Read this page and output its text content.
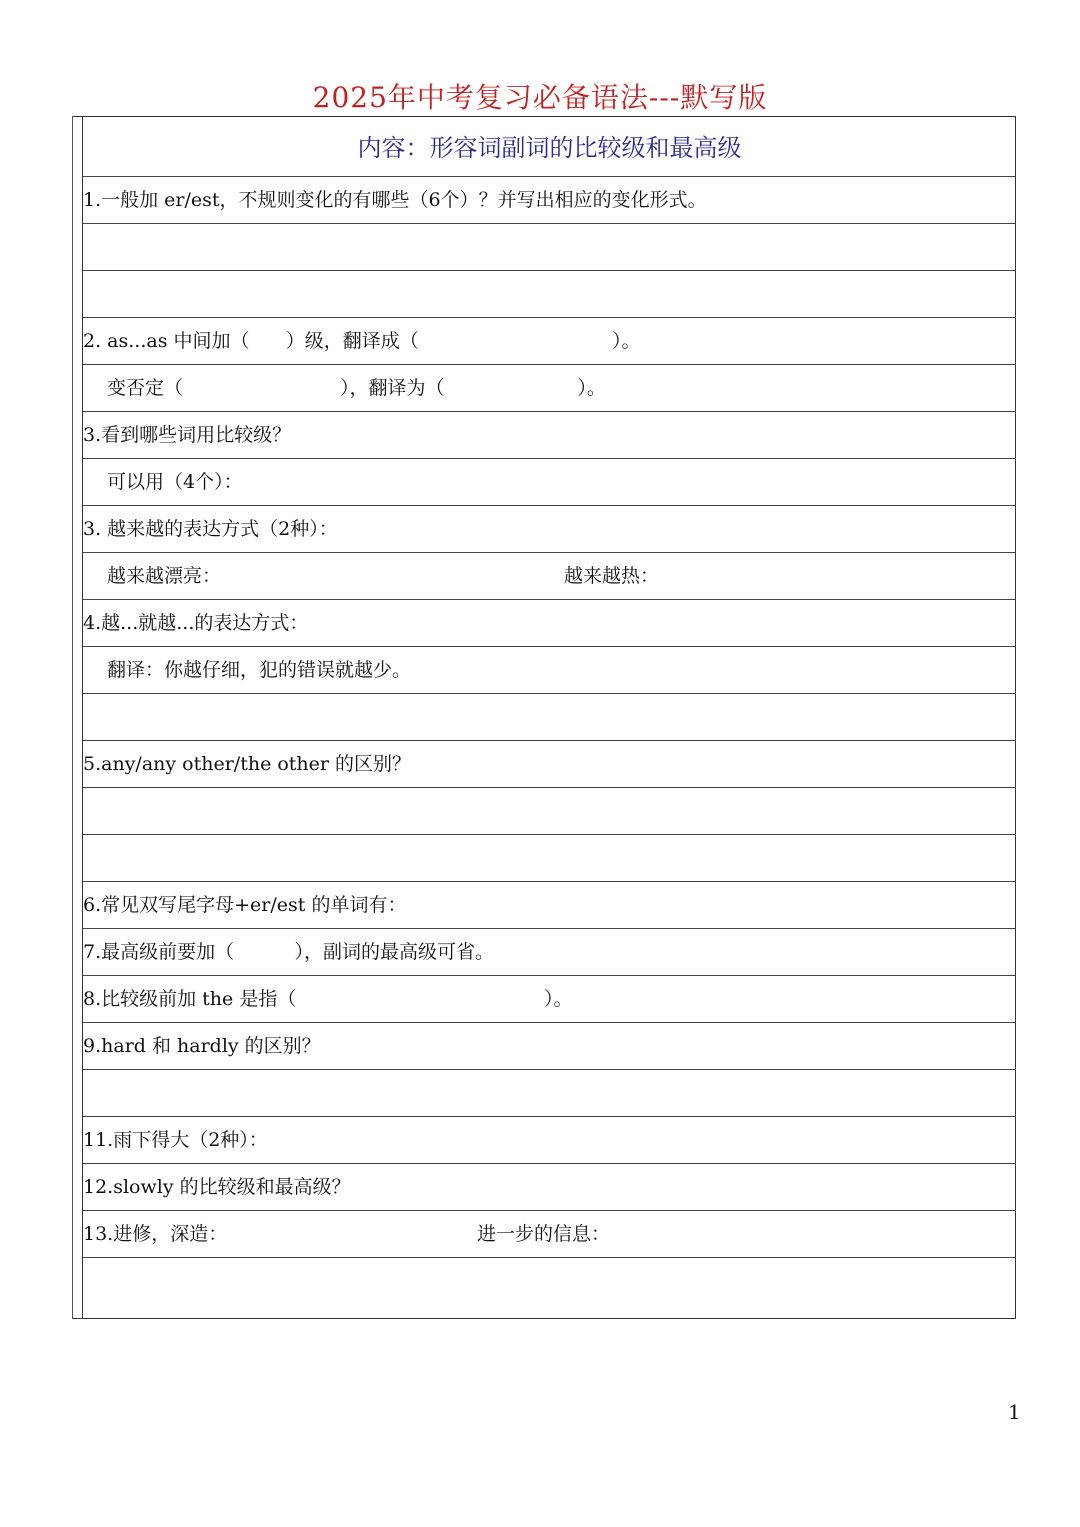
2025年中考复习必备语法---默写版
内容：形容词副词的比较级和最高级
1.一般加 er/est，不规则变化的有哪些（6个）？并写出相应的变化形式。
2. as...as 中间加（      ）级，翻译成（                                ）。
变否定（                          ），翻译为（                      ）。
3.看到哪些词用比较级？
可以用（4个）：
3. 越来越的表达方式（2种）：

越来越漂亮：

	越来越热：

4.越...就越...的表达方式：
翻译：你越仔细，犯的错误就越少。
5.any/any other/the other 的区别？
6.常见双写尾字母+er/est 的单词有：
7.最高级前要加（          ），副词的最高级可省。
8.比较级前加 the 是指（                                         ）。
9.hard 和 hardly 的区别？
11.雨下得大（2种）：
12.slowly 的比较级和最高级？

13.进修，深造：

	进一步的信息：

1
